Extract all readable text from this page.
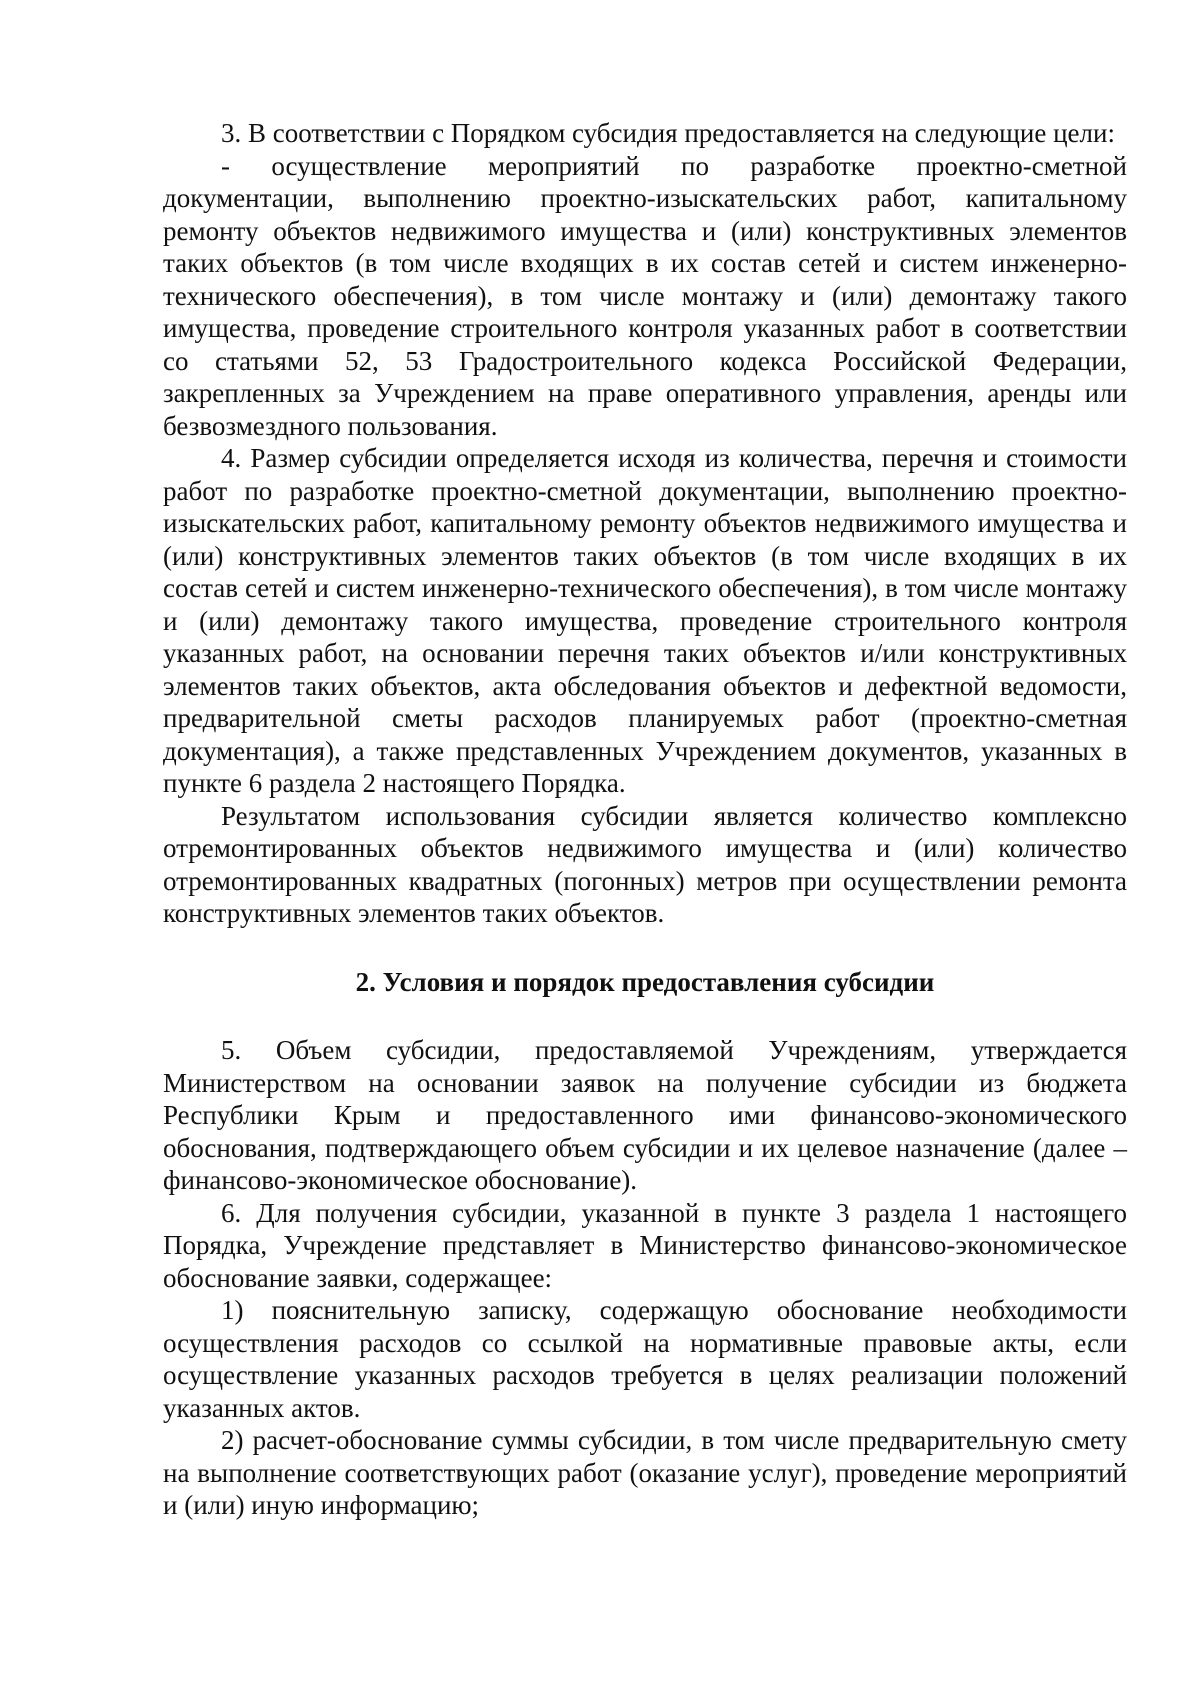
3. В соответствии с Порядком субсидия предоставляется на следующие цели:

- осуществление мероприятий по разработке проектно-сметной документации, выполнению проектно-изыскательских работ, капитальному ремонту объектов недвижимого имущества и (или) конструктивных элементов таких объектов (в том числе входящих в их состав сетей и систем инженерно-технического обеспечения), в том числе монтажу и (или) демонтажу такого имущества, проведение строительного контроля указанных работ в соответствии со статьями 52, 53 Градостроительного кодекса Российской Федерации, закрепленных за Учреждением на праве оперативного управления, аренды или безвозмездного пользования.

4. Размер субсидии определяется исходя из количества, перечня и стоимости работ по разработке проектно-сметной документации, выполнению проектно-изыскательских работ, капитальному ремонту объектов недвижимого имущества и (или) конструктивных элементов таких объектов (в том числе входящих в их состав сетей и систем инженерно-технического обеспечения), в том числе монтажу и (или) демонтажу такого имущества, проведение строительного контроля указанных работ, на основании перечня таких объектов и/или конструктивных элементов таких объектов, акта обследования объектов и дефектной ведомости, предварительной сметы расходов планируемых работ (проектно-сметная документация), а также представленных Учреждением документов, указанных в пункте 6 раздела 2 настоящего Порядка.

Результатом использования субсидии является количество комплексно отремонтированных объектов недвижимого имущества и (или) количество отремонтированных квадратных (погонных) метров при осуществлении ремонта конструктивных элементов таких объектов.

2. Условия и порядок предоставления субсидии

5. Объем субсидии, предоставляемой Учреждениям, утверждается Министерством на основании заявок на получение субсидии из бюджета Республики Крым и предоставленного ими финансово-экономического обоснования, подтверждающего объем субсидии и их целевое назначение (далее – финансово-экономическое обоснование).

6. Для получения субсидии, указанной в пункте 3 раздела 1 настоящего Порядка, Учреждение представляет в Министерство финансово-экономическое обоснование заявки, содержащее:

1) пояснительную записку, содержащую обоснование необходимости осуществления расходов со ссылкой на нормативные правовые акты, если осуществление указанных расходов требуется в целях реализации положений указанных актов.

2) расчет-обоснование суммы субсидии, в том числе предварительную смету на выполнение соответствующих работ (оказание услуг), проведение мероприятий и (или) иную информацию;
